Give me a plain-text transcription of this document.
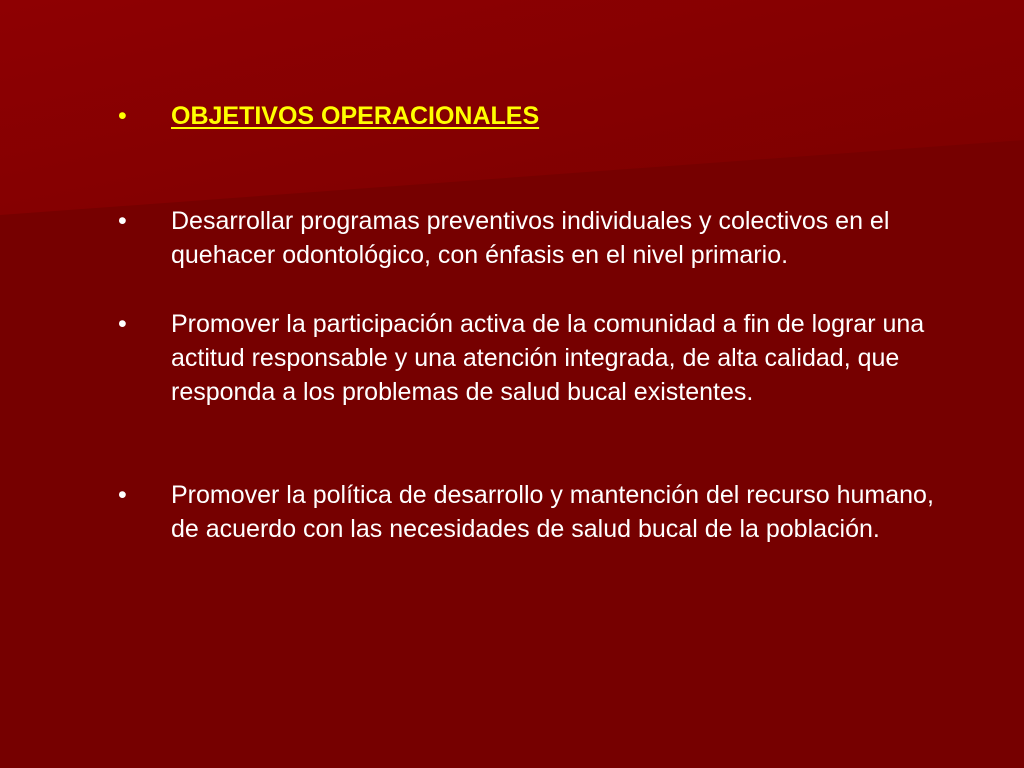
•	OBJETIVOS OPERACIONALES
•	Desarrollar programas preventivos individuales y colectivos en el quehacer odontológico, con énfasis en el nivel primario.
•	Promover la participación activa de la comunidad a fin de lograr una actitud responsable y una atención integrada, de alta calidad, que responda a los problemas de salud bucal existentes.
•	Promover la política de desarrollo y mantención del recurso humano, de acuerdo con las necesidades de salud bucal de la población.
